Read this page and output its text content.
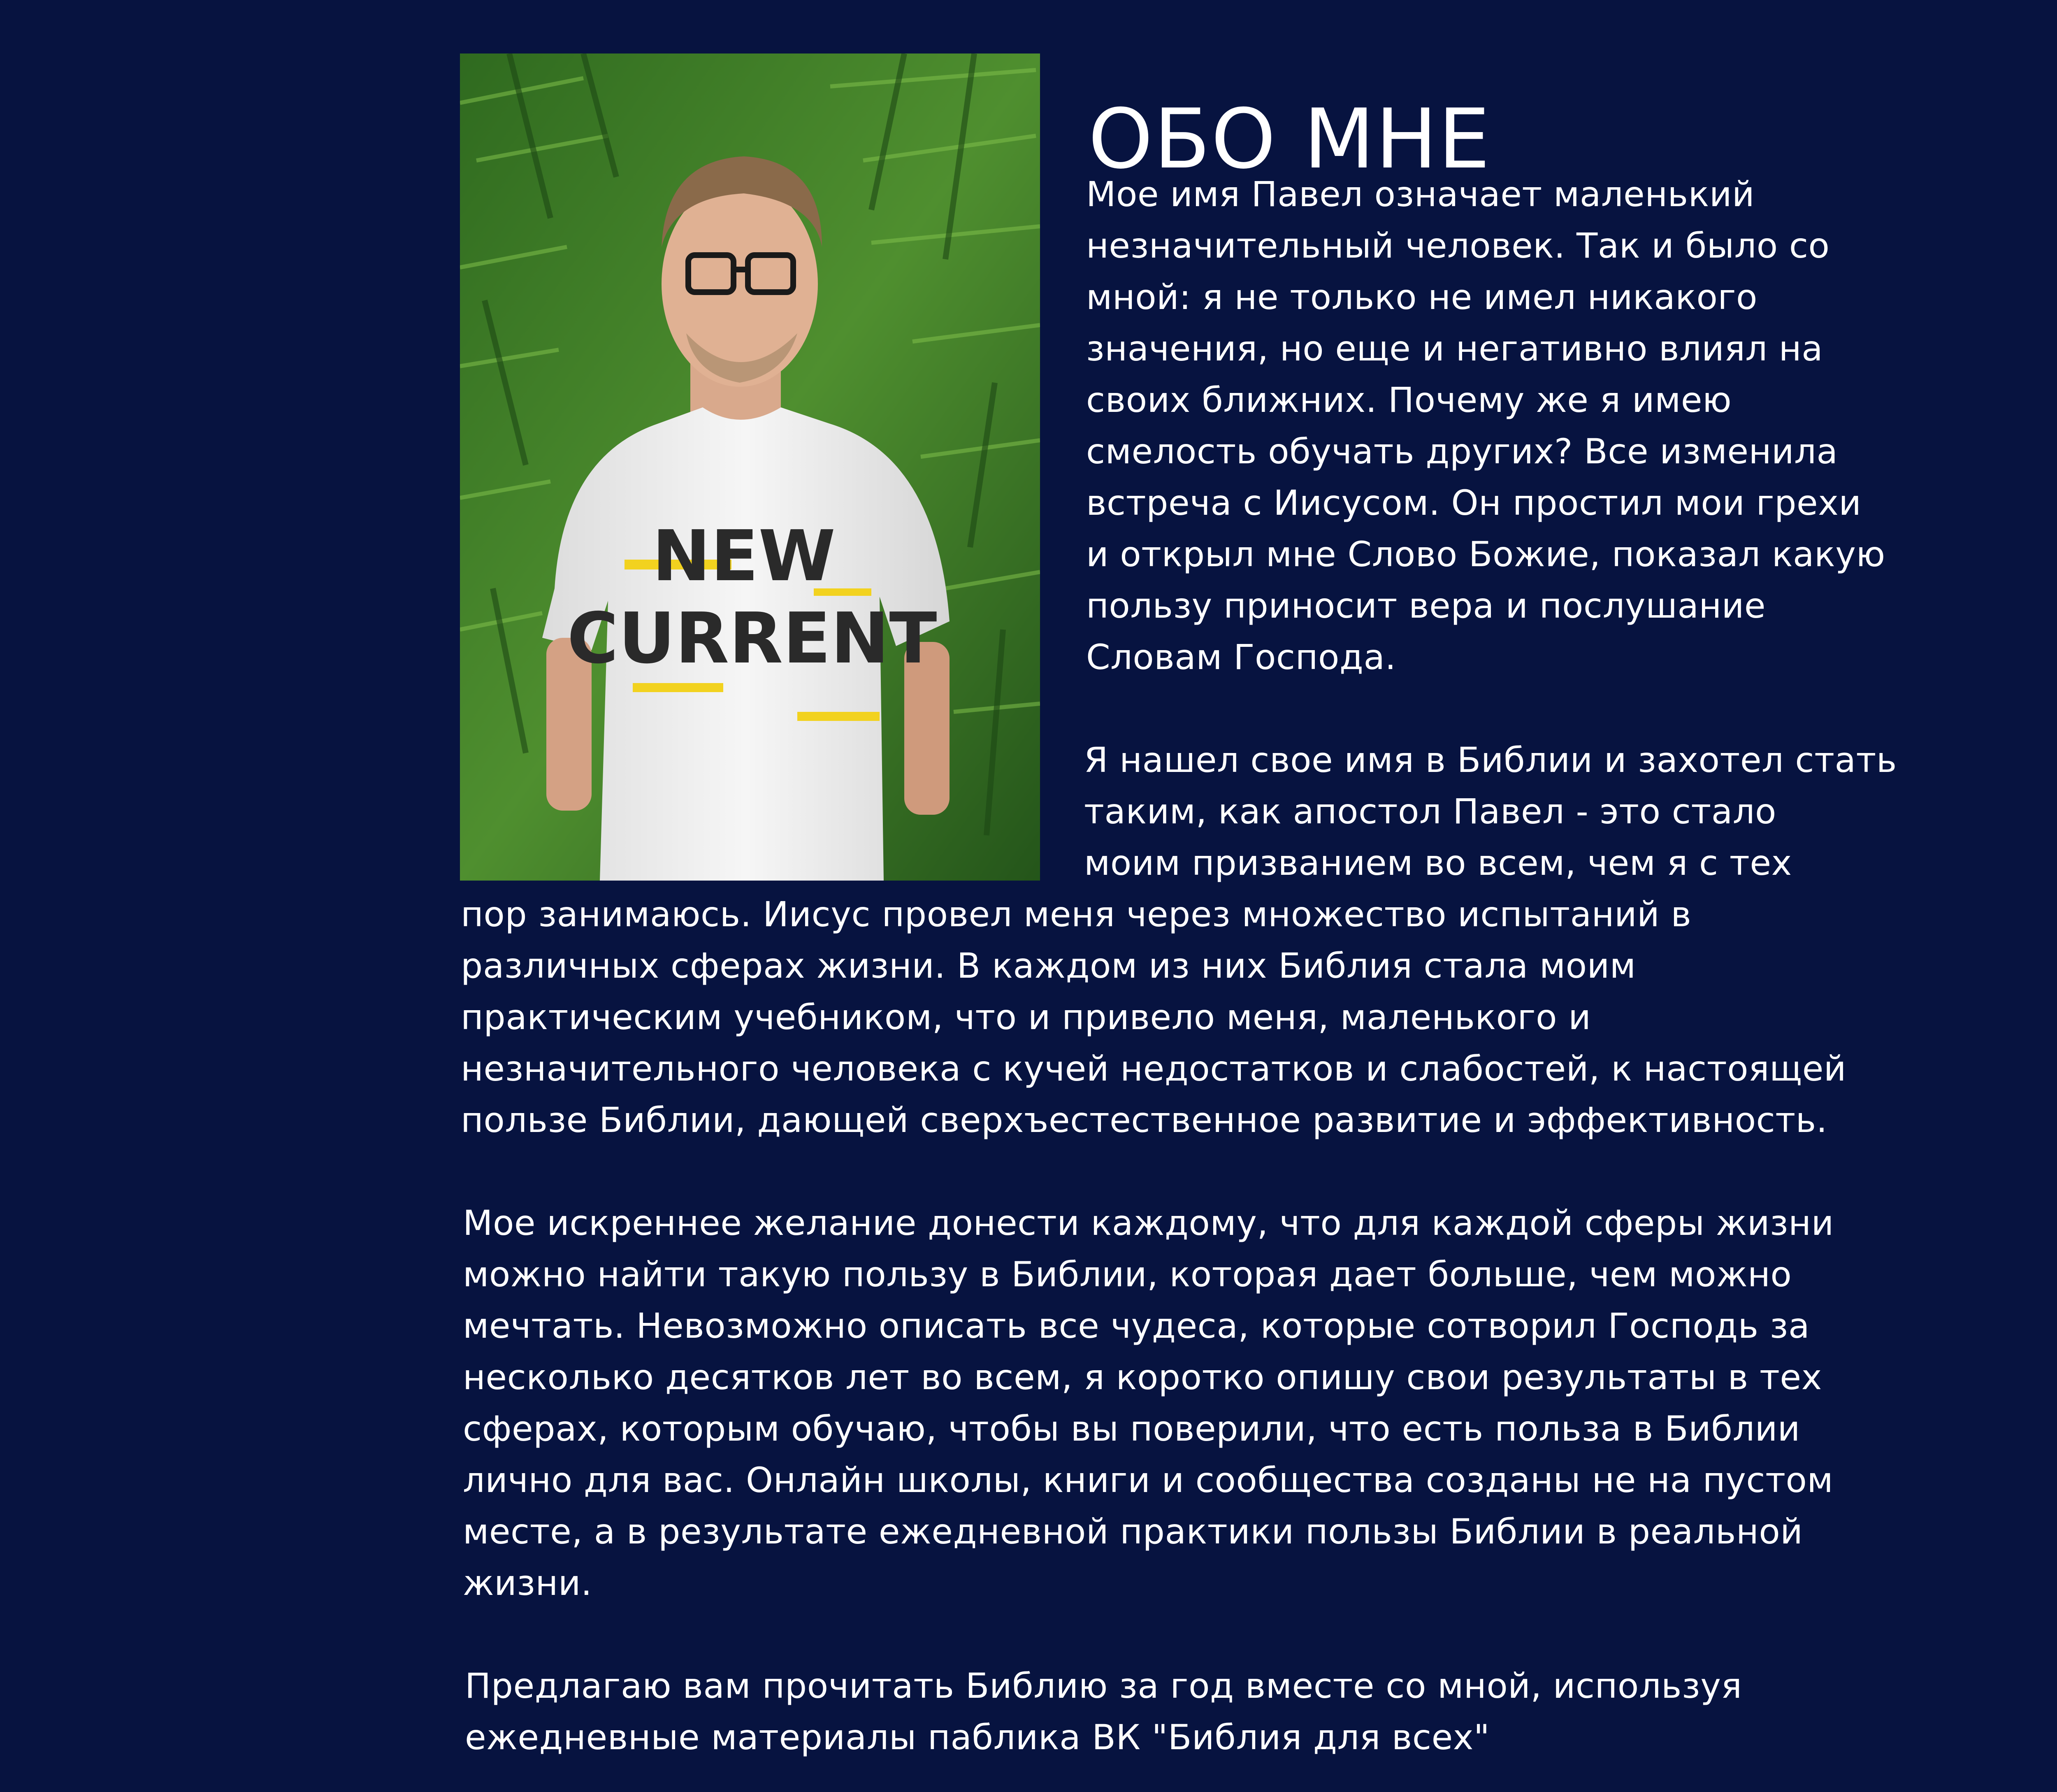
NEW
CURRENT
ОБО МНЕ
Мое имя Павел означает маленький
незначительный человек. Так и было со
мной: я не только не имел никакого
значения, но еще и негативно влиял на
своих ближних. Почему же я имею
смелость обучать других? Все изменила
встреча с Иисусом. Он простил мои грехи
и открыл мне Слово Божие, показал какую
пользу приносит вера и послушание
Словам Господа.
Я нашел свое имя в Библии и захотел стать
таким, как апостол Павел - это стало
моим призванием во всем, чем я с тех
пор занимаюсь. Иисус провел меня через множество испытаний в
различных сферах жизни. В каждом из них Библия стала моим
практическим учебником, что и привело меня, маленького и
незначительного человека с кучей недостатков и слабостей, к настоящей
пользе Библии, дающей сверхъестественное развитие и эффективность.
Мое искреннее желание донести каждому, что для каждой сферы жизни
можно найти такую пользу в Библии, которая дает больше, чем можно
мечтать. Невозможно описать все чудеса, которые сотворил Господь за
несколько десятков лет во всем, я коротко опишу свои результаты в тех
сферах, которым обучаю, чтобы вы поверили, что есть польза в Библии
лично для вас. Онлайн школы, книги и сообщества созданы не на пустом
месте, а в результате ежедневной практики пользы Библии в реальной
жизни.
Предлагаю вам прочитать Библию за год вместе со мной, используя
ежедневные материалы паблика ВК "Библия для всех"
